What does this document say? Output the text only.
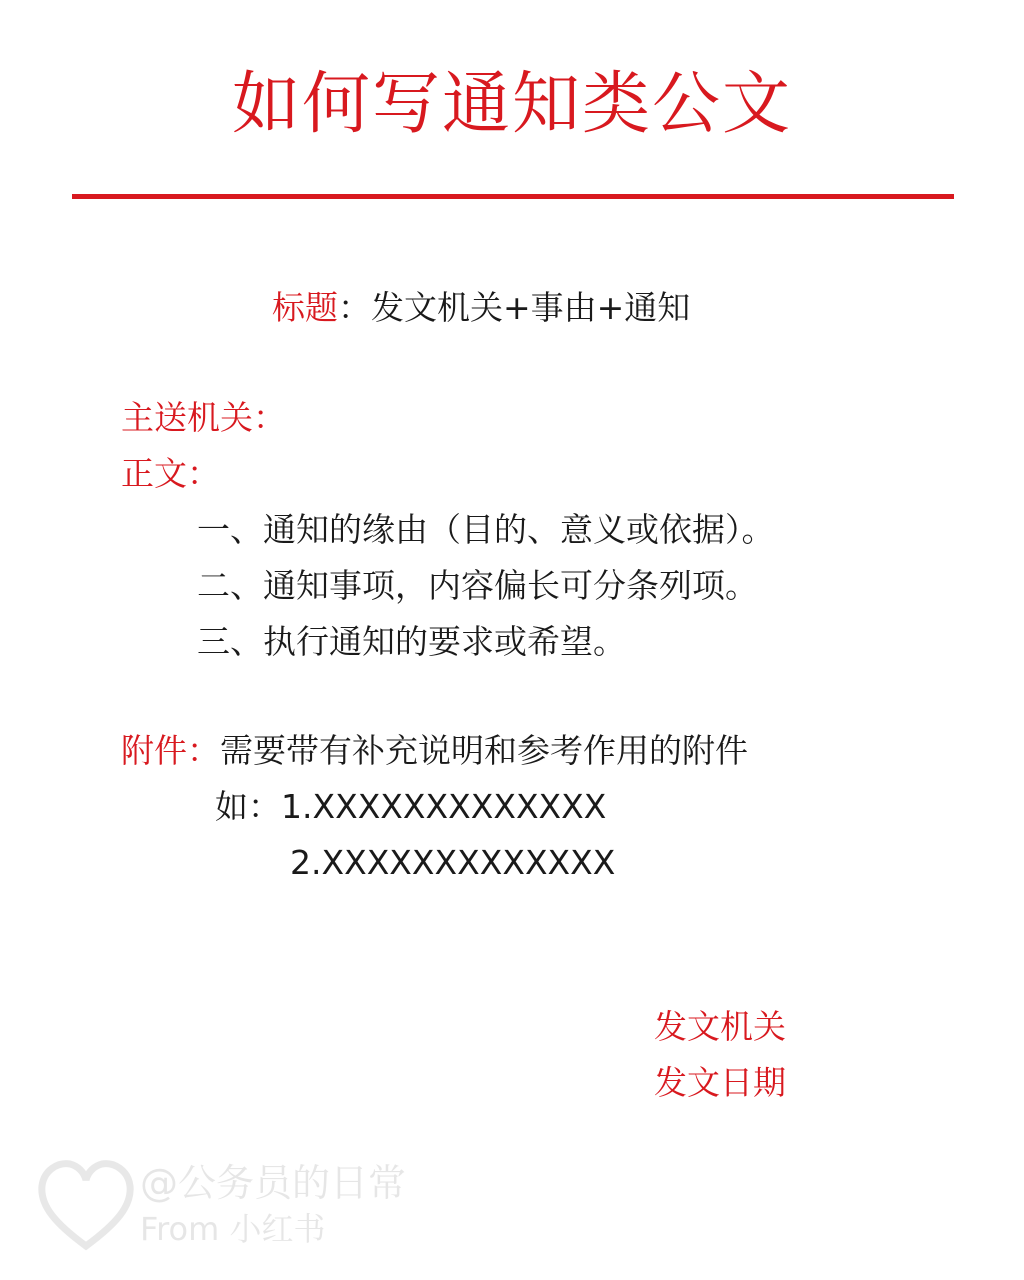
如何写通知类公文
标题：发文机关+事由+通知
主送机关：
正文：
一、通知的缘由（目的、意义或依据）。
二、通知事项，内容偏长可分条列项。
三、执行通知的要求或希望。
附件：需要带有补充说明和参考作用的附件
如：1.XXXXXXXXXXXXX
2.XXXXXXXXXXXXX
发文机关
发文日期
@公务员的日常
From 小红书
